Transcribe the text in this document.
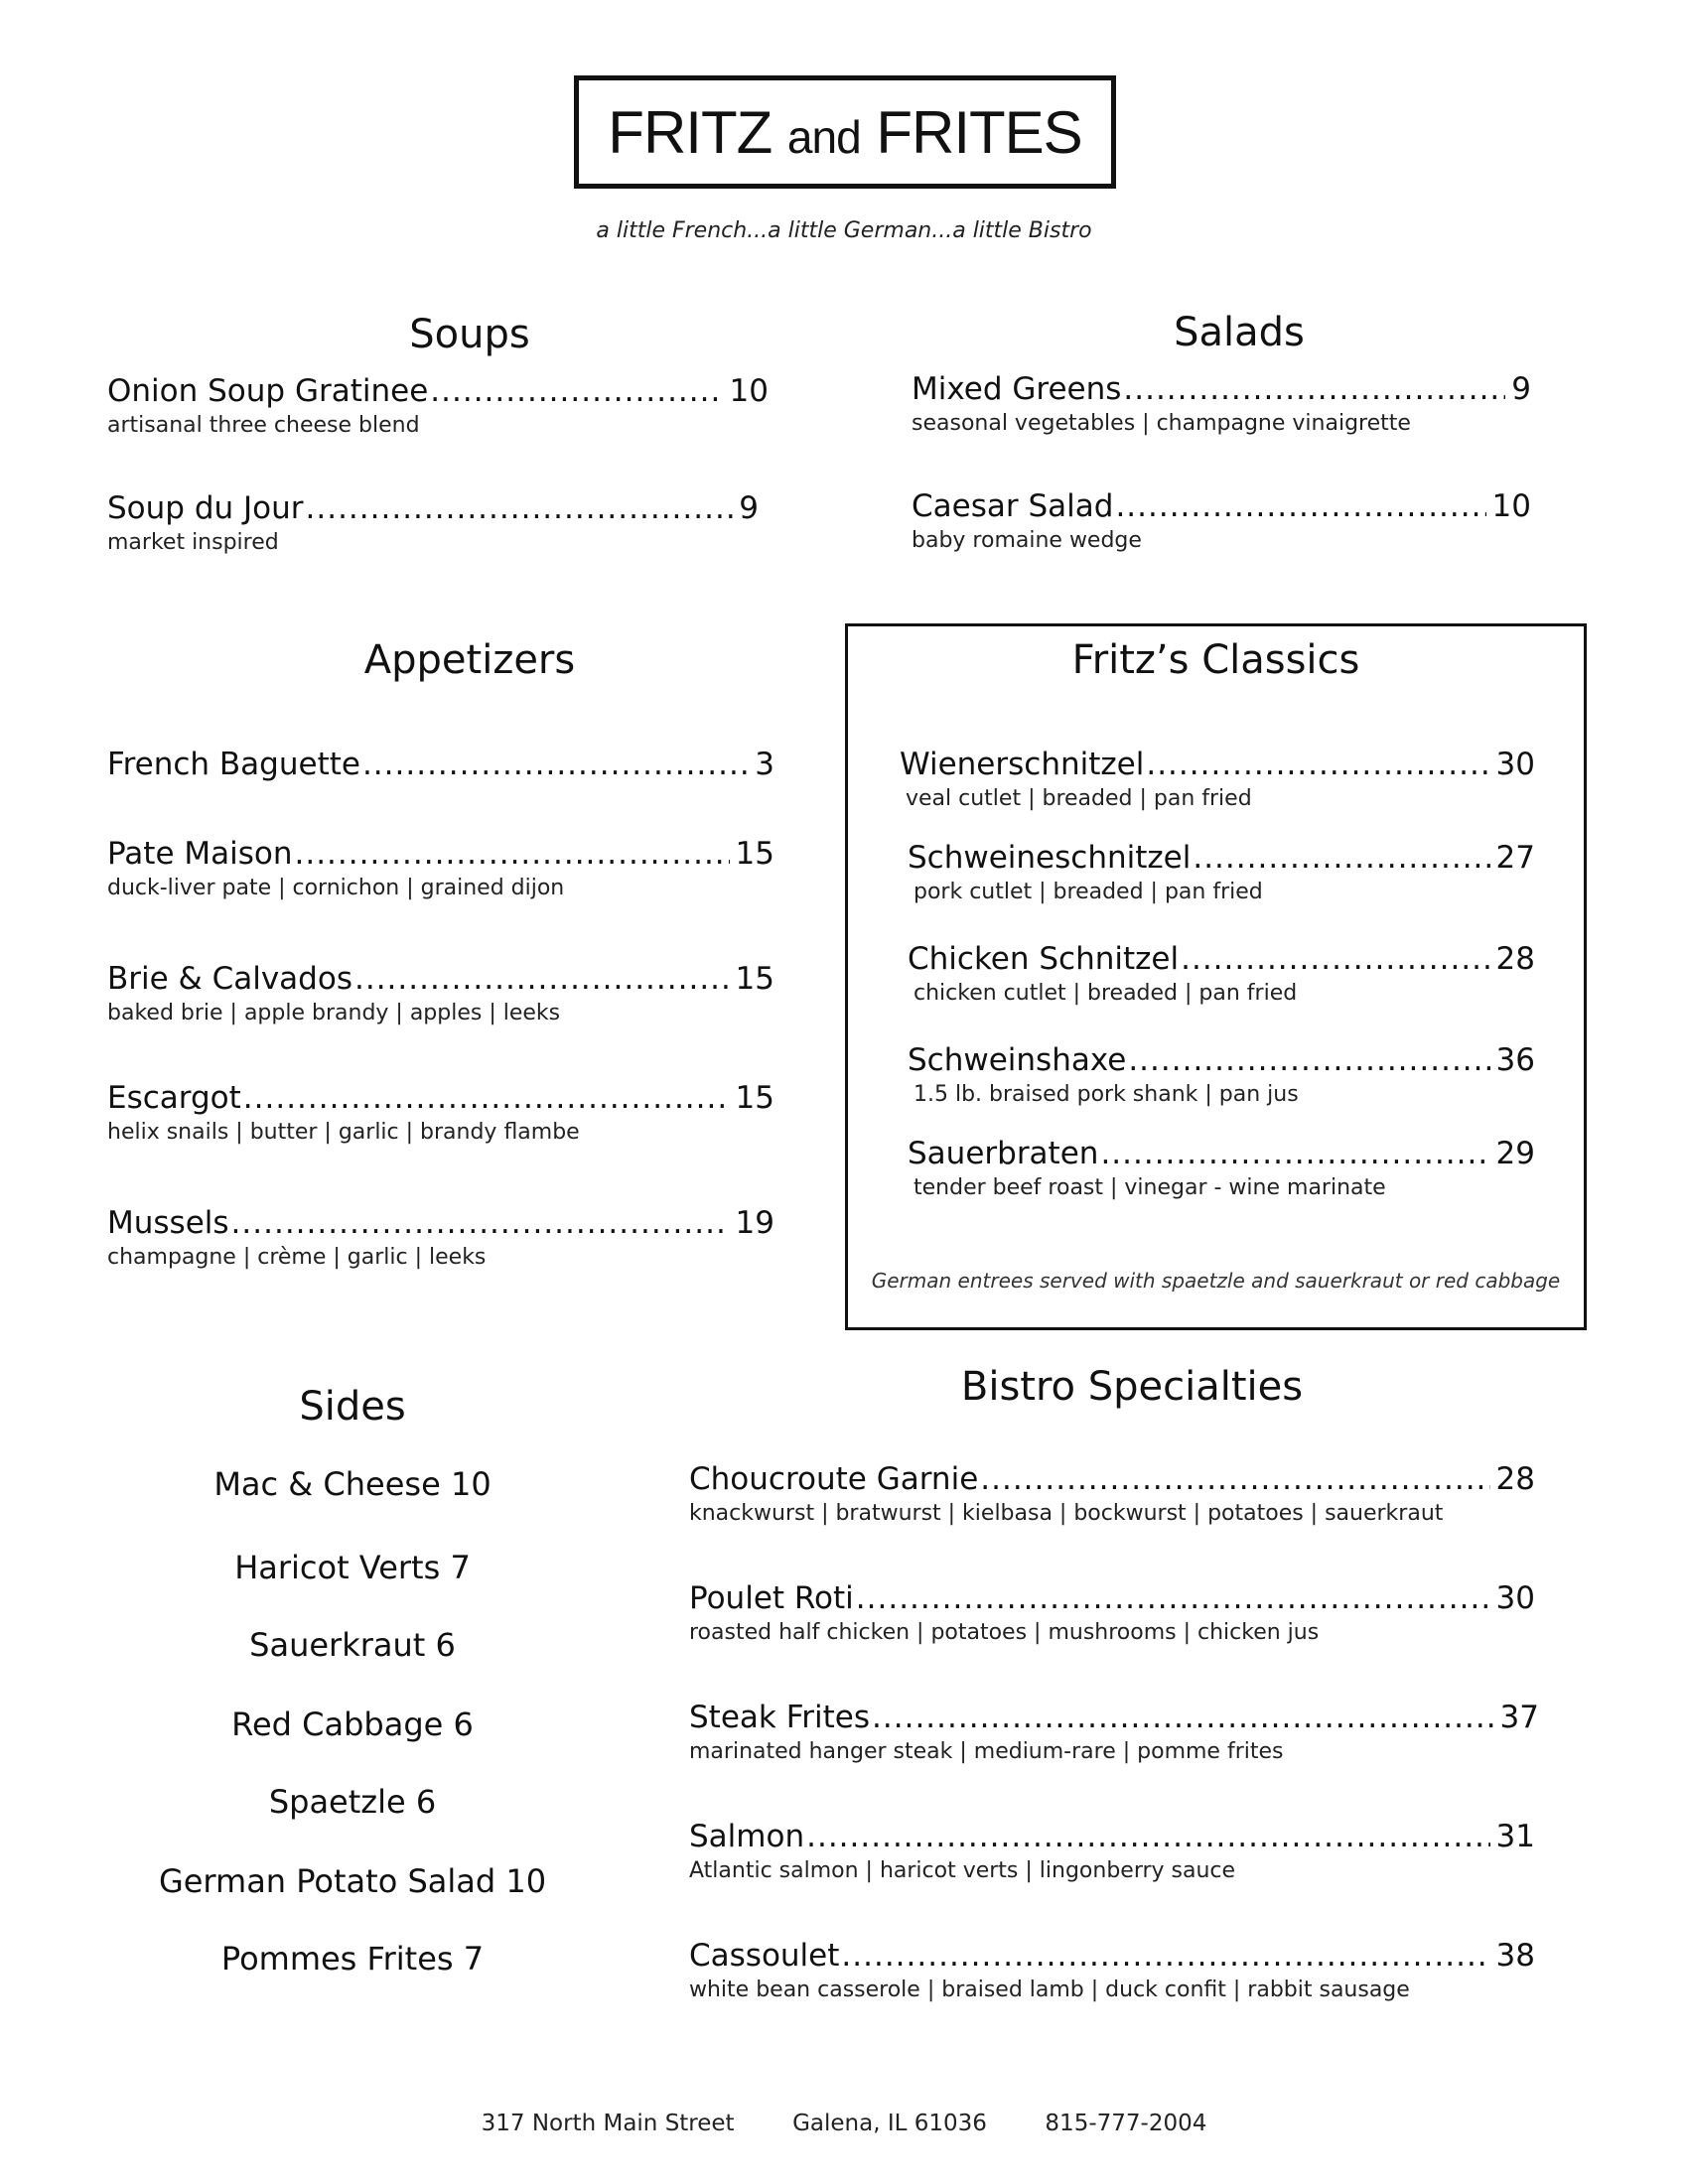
FRITZ and FRITES
a little French...a little German...a little Bistro
Soups
Onion Soup Gratinee .....	10
artisanal three cheese blend
Soup du Jour .....	9
market inspired
Salads
Mixed Greens .....	9
seasonal vegetables | champagne vinaigrette
Caesar Salad .....	10
baby romaine wedge
Appetizers
French Baguette .....	3
Pate Maison .....	15
duck-liver pate | cornichon | grained dijon
Brie & Calvados .....	15
baked brie | apple brandy | apples | leeks
Escargot .....	15
helix snails | butter | garlic | brandy flambe
Mussels .....	19
champagne | crème | garlic | leeks
Fritz’s Classics
Wienerschnitzel .....	30
veal cutlet | breaded | pan fried
Schweineschnitzel .....	27
pork cutlet | breaded | pan fried
Chicken Schnitzel .....	28
chicken cutlet | breaded | pan fried
Schweinshaxe .....	36
1.5 lb. braised pork shank | pan jus
Sauerbraten .....	29
tender beef roast | vinegar - wine marinate
German entrees served with spaetzle and sauerkraut or red cabbage
Sides
Mac & Cheese 10
Haricot Verts 7
Sauerkraut 6
Red Cabbage 6
Spaetzle 6
German Potato Salad 10
Pommes Frites 7
Bistro Specialties
Choucroute Garnie .....	28
knackwurst | bratwurst | kielbasa | bockwurst | potatoes | sauerkraut
Poulet Roti .....	30
roasted half chicken | potatoes | mushrooms | chicken jus
Steak Frites .....	37
marinated hanger steak | medium-rare | pomme frites
Salmon .....	31
Atlantic salmon | haricot verts | lingonberry sauce
Cassoulet .....	38
white bean casserole | braised lamb | duck confit | rabbit sausage
317 North Main Street	Galena, IL 61036	815-777-2004
